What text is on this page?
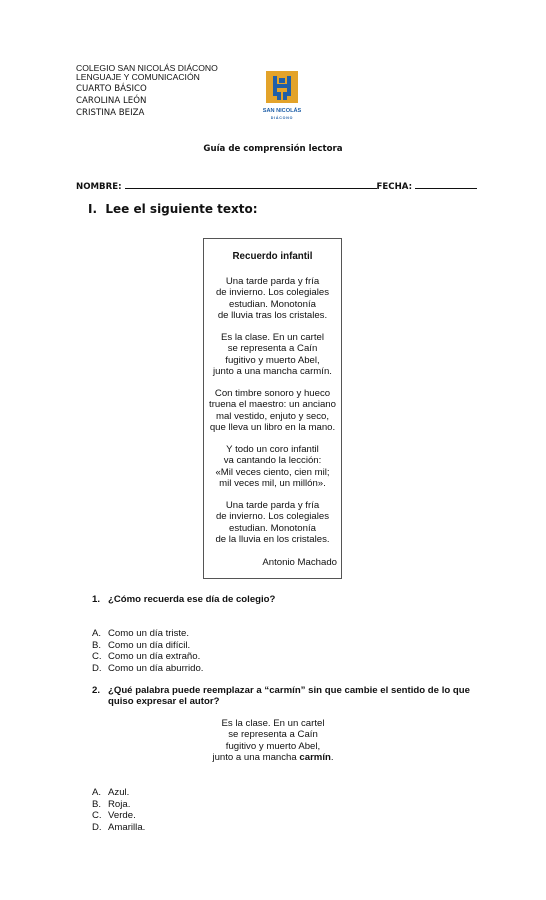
COLEGIO SAN NICOLÁS DIÁCONO
LENGUAJE Y COMUNICACIÓN
CUARTO BÁSICO
CAROLINA LEÓN
CRISTINA BEIZA	SAN NICOLÁS
DIÁCONO
Guía de comprensión lectora
NOMBRE:	FECHA:
I. Lee el siguiente texto:
Recuerdo infantil
Una tarde parda y fría
de invierno. Los colegiales
estudian. Monotonía
de lluvia tras los cristales.
Es la clase. En un cartel
se representa a Caín
fugitivo y muerto Abel,
junto a una mancha carmín.
Con timbre sonoro y hueco
truena el maestro: un anciano
mal vestido, enjuto y seco,
que lleva un libro en la mano.
Y todo un coro infantil
va cantando la lección:
«Mil veces ciento, cien mil;
mil veces mil, un millón».
Una tarde parda y fría
de invierno. Los colegiales
estudian. Monotonía
de la lluvia en los cristales.
Antonio Machado
1. ¿Cómo recuerda ese día de colegio?
A. Como un día triste.
B. Como un día difícil.
C. Como un día extraño.
D. Como un día aburrido.
2. ¿Qué palabra puede reemplazar a “carmín” sin que cambie el sentido de lo que quiso expresar el autor?
Es la clase. En un cartel
se representa a Caín
fugitivo y muerto Abel,
junto a una mancha carmín.
A. Azul.
B. Roja.
C. Verde.
D. Amarilla.
